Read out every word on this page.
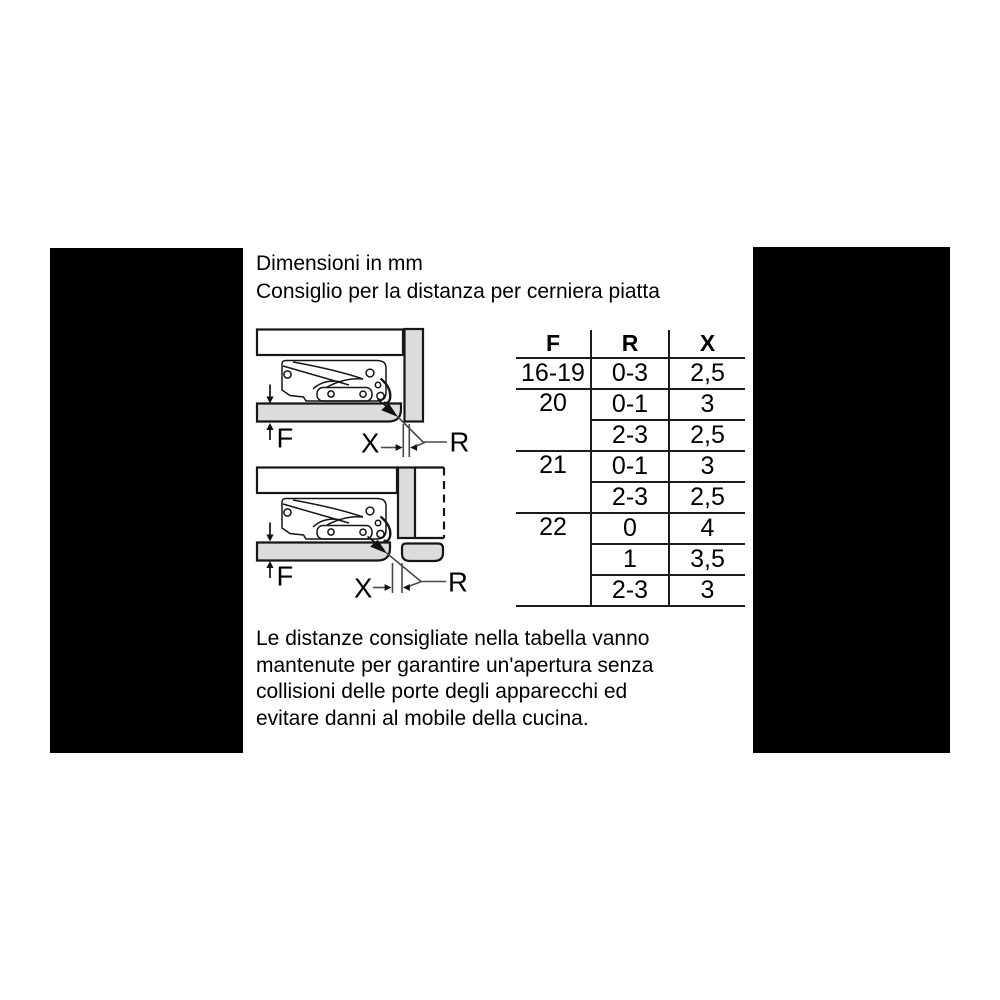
Dimensioni in mm
Consiglio per la distanza per cerniera piatta
X	R
X	R
F	R	X
16-19	0-3	2,5
20	0-1	3
	2-3	2,5
21	0-1	3
	2-3	2,5
22	0	4
	1	3,5
	2-3	3
Le distanze consigliate nella tabella vanno
mantenute per garantire un'apertura senza
collisioni delle porte degli apparecchi ed
evitare danni al mobile della cucina.
